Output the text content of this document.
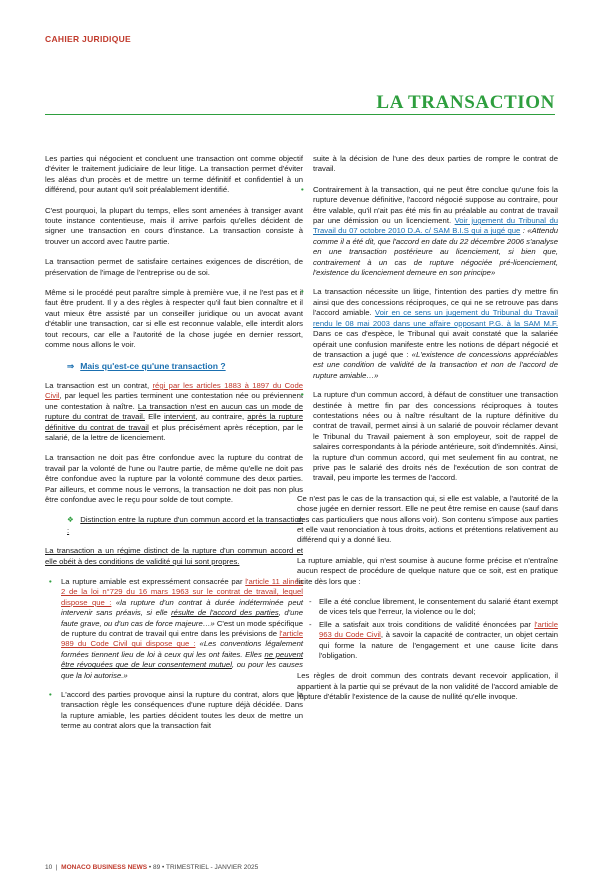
CAHIER JURIDIQUE
LA TRANSACTION

Les parties qui négocient et concluent une transaction ont comme objectif d'éviter le traitement judiciaire de leur litige. La transaction permet d'éviter les aléas d'un procès et de mettre un terme définitif et confidentiel à un différend, pour autant qu'il soit préalablement identifié.

C'est pourquoi, la plupart du temps, elles sont amenées à transiger avant toute instance contentieuse, mais il arrive parfois qu'elles décident de signer une transaction en cours d'instance. La transaction consiste à trouver un accord avec l'autre partie.

La transaction permet de satisfaire certaines exigences de discrétion, de préservation de l'image de l'entreprise ou de soi.

Même si le procédé peut paraître simple à première vue, il ne l'est pas et il faut être prudent. Il y a des règles à respecter qu'il faut bien connaître et il vaut mieux être assisté par un conseiller juridique ou un avocat avant d'établir une transaction, car si elle est reconnue valable, elle interdit alors tout recours, car elle a l'autorité de la chose jugée en dernier ressort, comme nous allons le voir.

⇒ Mais qu'est-ce qu'une transaction ?

La transaction est un contrat, régi par les articles 1883 à 1897 du Code Civil, par lequel les parties terminent une contestation née ou préviennent une contestation à naître. La transaction n'est en aucun cas un mode de rupture du contrat de travail. Elle intervient, au contraire, après la rupture définitive du contrat de travail et plus précisément après réception, par le salarié, de la lettre de licenciement.

La transaction ne doit pas être confondue avec la rupture du contrat de travail par la volonté de l'une ou l'autre partie, de même qu'elle ne doit pas être confondue avec la rupture par la volonté commune des deux parties. Par ailleurs, et comme nous le verrons, la transaction ne doit pas non plus être confondue avec le reçu pour solde de tout compte.

❖ Distinction entre la rupture d'un commun accord et la transaction :

La transaction a un régime distinct de la rupture d'un commun accord et elle obéit à des conditions de validité qui lui sont propres.

• La rupture amiable est expressément consacrée par l'article 11 alinéa 2 de la loi n°729 du 16 mars 1963 sur le contrat de travail, lequel dispose que : «la rupture d'un contrat à durée indéterminée peut intervenir sans préavis, si elle résulte de l'accord des parties, d'une faute grave, ou d'un cas de force majeure…» C'est un mode spécifique de rupture du contrat de travail qui entre dans les prévisions de l'article 989 du Code Civil qui dispose que : «Les conventions légalement formées tiennent lieu de loi à ceux qui les ont faites. Elles ne peuvent être révoquées que de leur consentement mutuel, ou pour les causes que la loi autorise.»
• L'accord des parties provoque ainsi la rupture du contrat, alors que la transaction règle les conséquences d'une rupture déjà décidée. Dans la rupture amiable, les parties décident toutes les deux de mettre un terme au contrat alors que la transaction fait

suite à la décision de l'une des deux parties de rompre le contrat de travail.

• Contrairement à la transaction, qui ne peut être conclue qu'une fois la rupture devenue définitive, l'accord négocié suppose au contraire, pour être valable, qu'il n'ait pas été mis fin au préalable au contrat de travail par une démission ou un licenciement. Voir jugement du Tribunal du Travail du 07 octobre 2010 D.A. c/ SAM B.I.S qui a jugé que : «Attendu comme il a été dit, que l'accord en date du 22 décembre 2006 s'analyse en une transaction postérieure au licenciement, si bien que, contrairement à un cas de rupture négociée pré-licenciement, l'existence du licenciement demeure en son principe»
• La transaction nécessite un litige, l'intention des parties d'y mettre fin ainsi que des concessions réciproques, ce qui ne se retrouve pas dans l'accord amiable. Voir en ce sens un jugement du Tribunal du Travail rendu le 08 mai 2003 dans une affaire opposant P.G. à la SAM M.F. Dans ce cas d'espèce, le Tribunal qui avait constaté que la salariée opérait une confusion manifeste entre les notions de départ négocié et de transaction a jugé que : «L'existence de concessions appréciables est une condition de validité de la transaction et non de l'accord de rupture amiable…»
• La rupture d'un commun accord, à défaut de constituer une transaction destinée à mettre fin par des concessions réciproques à toutes contestations nées ou à naître résultant de la rupture définitive du contrat de travail, permet ainsi à un salarié de pouvoir réclamer devant le Tribunal du Travail paiement à son employeur, soit de rappel de salaires correspondants à la période antérieure, soit d'indemnités. Ainsi, la rupture d'un commun accord, qui met seulement fin au contrat, ne prive pas le salarié des droits nés de l'exécution de son contrat de travail, peu importe les termes de l'accord.

Ce n'est pas le cas de la transaction qui, si elle est valable, a l'autorité de la chose jugée en dernier ressort. Elle ne peut être remise en cause (sauf dans des cas particuliers que nous allons voir). Son contenu s'impose aux parties et elle vaut renonciation à tous droits, actions et prétentions relativement au différend qui y a donné lieu.

La rupture amiable, qui n'est soumise à aucune forme précise et n'entraîne aucun respect de procédure de quelque nature que ce soit, est en pratique licite dès lors que :

- Elle a été conclue librement, le consentement du salarié étant exempt de vices tels que l'erreur, la violence ou le dol;
- Elle a satisfait aux trois conditions de validité énoncées par l'article 963 du Code Civil, à savoir la capacité de contracter, un objet certain qui forme la nature de l'engagement et une cause licite dans l'obligation.

Les règles de droit commun des contrats devant recevoir application, il appartient à la partie qui se prévaut de la non validité de l'accord amiable de rupture d'établir l'existence de la cause de nullité qu'elle invoque.

10  |  MONACO BUSINESS NEWS • 89 • TRIMESTRIEL - JANVIER 2025
